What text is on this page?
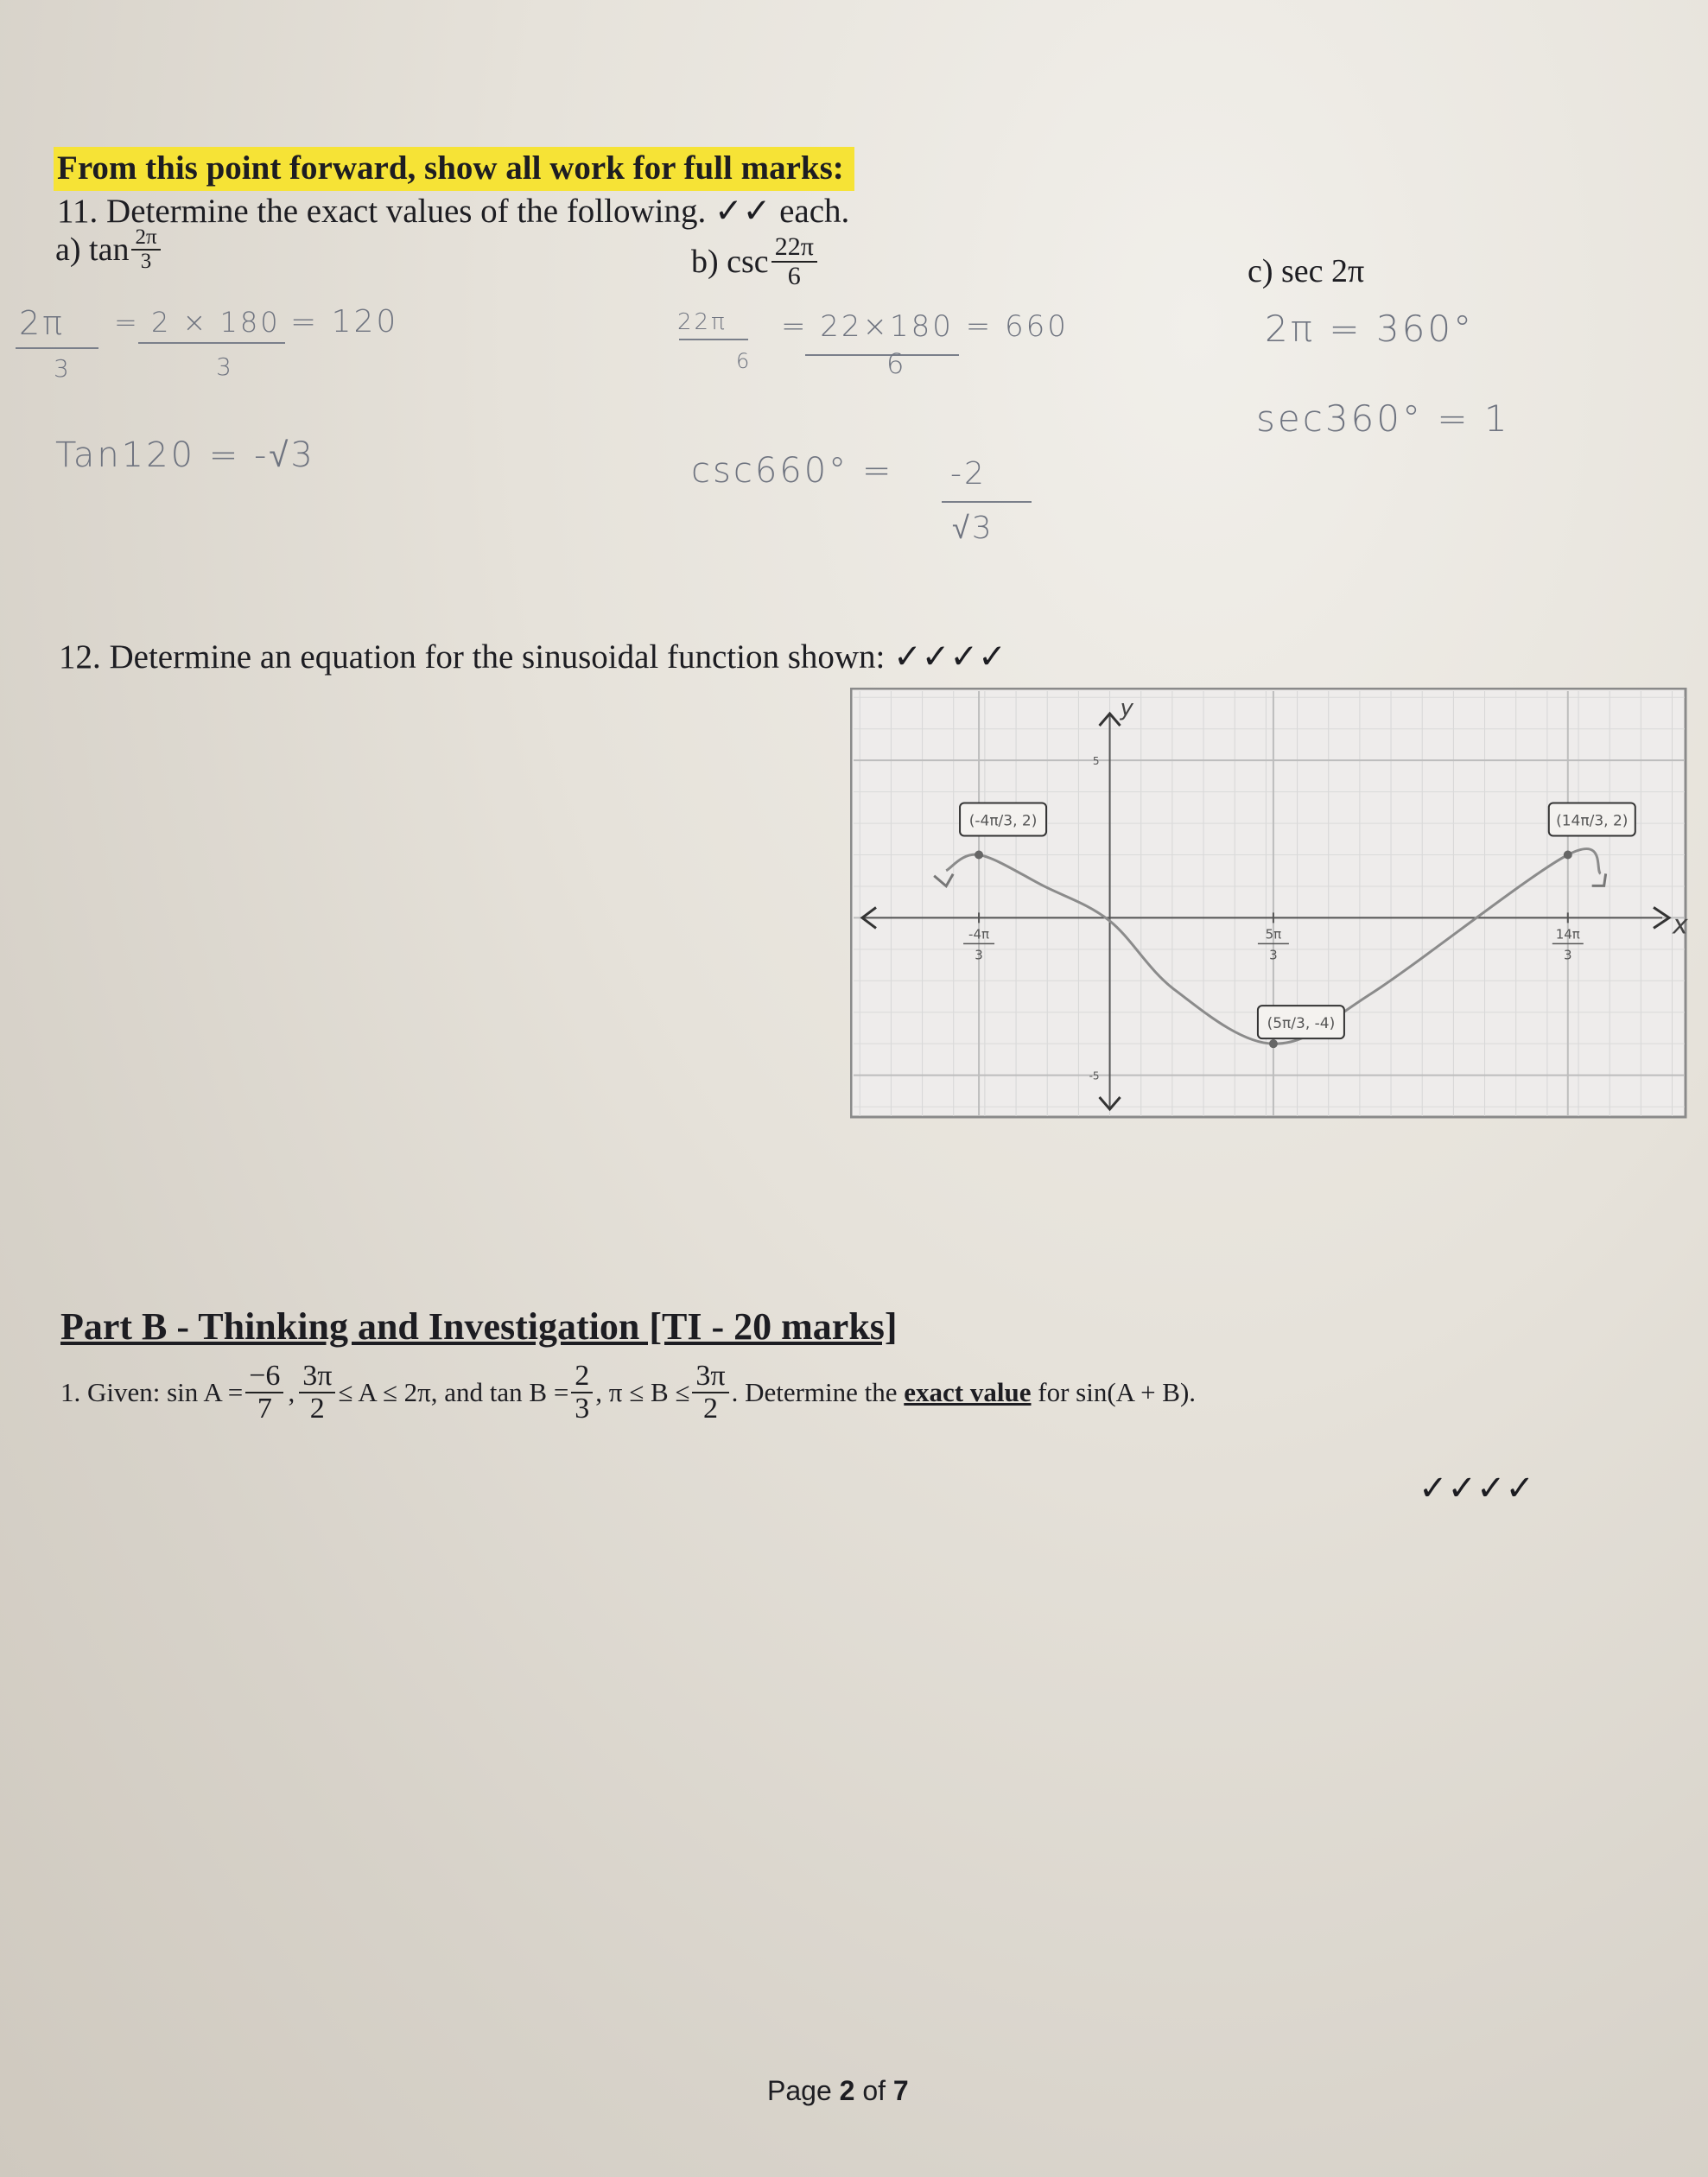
From this point forward, show all work for full marks:
11. Determine the exact values of the following. ✓✓ each.
a) $\tan \frac{2\pi}{3}$	b) $\csc \frac{22\pi}{6}$	c) sec 2π
2π
3
= 2 × 180
3
= 120
Tan120 = -√3
22π
6
= 22×180 = 660
6
csc660° = -2
√3
2π = 360°
sec360° = 1
12. Determine an equation for the sinusoidal function shown: ✓✓✓✓
x
y
-4π
3
5π
3
14π
3
5
-5
(-4π/3, 2)
(5π/3, -4)
(14π/3, 2)
Part B - Thinking and Investigation [TI - 20 marks]
1. Given: $\sin A = \frac{-6}{7}$ , $\frac{3\pi}{2} \le A \le 2\pi$, and $\tan B = \frac{2}{3}$ , $\pi \le B \le \frac{3\pi}{2}$ . Determine the
exact value
for sin(A + B).
✓✓✓✓
Page 2 of 7
